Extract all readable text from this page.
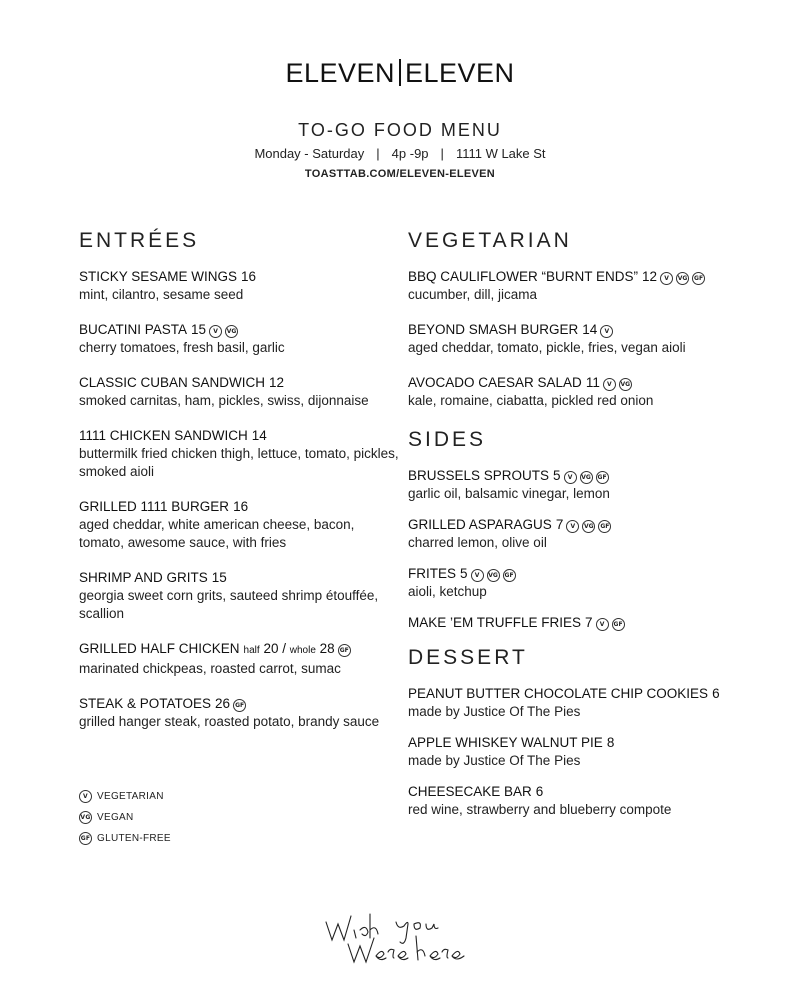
ELEVEN ELEVEN
TO-GO FOOD MENU
Monday - Saturday | 4p -9p | 1111 W Lake St
TOASTTAB.COM/ELEVEN-ELEVEN
ENTRÉES
STICKY SESAME WINGS 16
mint, cilantro, sesame seed
BUCATINI PASTA 15 V VG
cherry tomatoes, fresh basil, garlic
CLASSIC CUBAN SANDWICH 12
smoked carnitas, ham, pickles, swiss, dijonnaise
1111 CHICKEN SANDWICH 14
buttermilk fried chicken thigh, lettuce, tomato, pickles, smoked aioli
GRILLED 1111 BURGER 16
aged cheddar, white american cheese, bacon, tomato, awesome sauce, with fries
SHRIMP AND GRITS 15
georgia sweet corn grits, sauteed shrimp étouffée, scallion
GRILLED HALF CHICKEN half 20 / whole 28 GF
marinated chickpeas, roasted carrot, sumac
STEAK & POTATOES 26 GF
grilled hanger steak, roasted potato, brandy sauce
VEGETARIAN
BBQ CAULIFLOWER “BURNT ENDS” 12 V VG GF
cucumber, dill, jicama
BEYOND SMASH BURGER 14 V
aged cheddar, tomato, pickle, fries, vegan aioli
AVOCADO CAESAR SALAD 11 V VG
kale, romaine, ciabatta, pickled red onion
SIDES
BRUSSELS SPROUTS 5 V VG GF
garlic oil, balsamic vinegar, lemon
GRILLED ASPARAGUS 7 V VG GF
charred lemon, olive oil
FRITES 5 V VG GF
aioli, ketchup
MAKE ’EM TRUFFLE FRIES 7 V GF
DESSERT
PEANUT BUTTER CHOCOLATE CHIP COOKIES 6
made by Justice Of The Pies
APPLE WHISKEY WALNUT PIE 8
made by Justice Of The Pies
CHEESECAKE BAR 6
red wine, strawberry and blueberry compote
V VEGETARIAN
VG VEGAN
GF GLUTEN-FREE
